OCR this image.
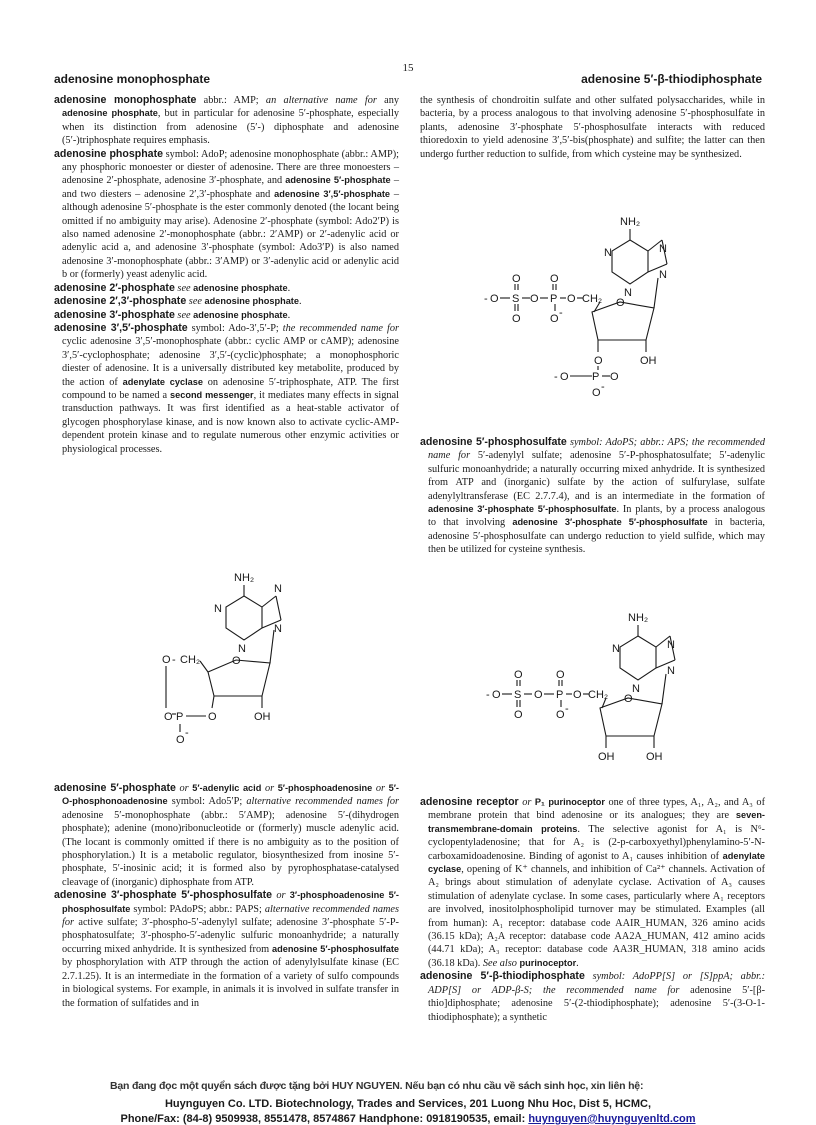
15
adenosine monophosphate	adenosine 5′-β-thiodiphosphate

adenosine monophosphate abbr.: AMP; an alternative name for any adenosine phosphate, but in particular for adenosine 5′-phosphate, especially when its distinction from adenosine (5′-) diphosphate and adenosine (5′-)triphosphate requires emphasis.

adenosine phosphate symbol: AdoP; adenosine monophosphate (abbr.: AMP); any phosphoric monoester or diester of adenosine. There are three monoesters – adenosine 2′-phosphate, adenosine 3′-phosphate, and adenosine 5′-phosphate – and two diesters – adenosine 2′,3′-phosphate and adenosine 3′,5′-phosphate – although adenosine 5′-phosphate is the ester commonly denoted (the locant being omitted if no ambiguity may arise). Adenosine 2′-phosphate (symbol: Ado2′P) is also named adenosine 2′-monophosphate (abbr.: 2′AMP) or 2′-adenylic acid or adenylic acid a, and adenosine 3′-phosphate (symbol: Ado3′P) is also named adenosine 3′-monophosphate (abbr.: 3′AMP) or 3′-adenylic acid or adenylic acid b or (formerly) yeast adenylic acid.

adenosine 2′-phosphate see adenosine phosphate.

adenosine 2′,3′-phosphate see adenosine phosphate.

adenosine 3′-phosphate see adenosine phosphate.

adenosine 3′,5′-phosphate symbol: Ado-3′,5′-P; the recommended name for cyclic adenosine 3′,5′-monophosphate (abbr.: cyclic AMP or cAMP); adenosine 3′,5′-cyclophosphate; adenosine 3′,5′-(cyclic)phosphate; a monophosphoric diester of adenosine. It is a universally distributed key metabolite, produced by the action of adenylate cyclase on adenosine 5′-triphosphate, ATP. The first compound to be named a second messenger, it mediates many effects in signal transduction pathways. It was first identified as a heat-stable activator of glycogen phosphorylase kinase, and is now known also to activate cyclic-AMP-dependent protein kinase and to regulate numerous other enzymic activities or physiological processes.

the synthesis of chondroitin sulfate and other sulfated polysaccharides, while in bacteria, by a process analogous to that involving adenosine 5′-phosphosulfate in plants, adenosine 3′-phosphate 5′-phosphosulfate interacts with reduced thioredoxin to yield adenosine 3′,5′-bis(phosphate) and sulfite; the latter can then undergo further reduction to sulfide, from which cysteine may be synthesized.

NH₂
N
N
N
N
O
O - CH₂
O P O	OH
O
-
NH₂
N
N
N
N
O
- O S
O
O
O P
O
O -
O CH₂
OH
O
- O P O
O -

adenosine 5′-phosphosulfate symbol: AdoPS; abbr.: APS; the recommended name for 5′-adenylyl sulfate; adenosine 5′-P-phosphatosulfate; 5′-adenylic sulfuric monoanhydride; a naturally occurring mixed anhydride. It is synthesized from ATP and (inorganic) sulfate by the action of sulfurylase, sulfate adenylyltransferase (EC 2.7.7.4), and is an intermediate in the formation of adenosine 3′-phosphate 5′-phosphosulfate. In plants, by a process analogous to that involving adenosine 3′-phosphate 5′-phosphosulfate in bacteria, adenosine 5′-phosphosulfate can undergo reduction to yield sulfide, which may then be utilized for cysteine synthesis.

NH₂
N
N
N
N
O
- O S
O
O
O P
O
O -
O CH₂
OH	OH

adenosine 5′-phosphate or 5′-adenylic acid or 5′-phosphoadenosine or 5′-O-phosphonoadenosine symbol: Ado5′P; alternative recommended names for adenosine 5′-monophosphate (abbr.: 5′AMP); adenosine 5′-(dihydrogen phosphate); adenine (mono)ribonucleotide or (formerly) muscle adenylic acid. (The locant is commonly omitted if there is no ambiguity as to the position of phosphorylation.) It is a metabolic regulator, biosynthesized from inosine 5′-phosphate, 5′-inosinic acid; it is formed also by pyrophosphatase-catalysed cleavage of (inorganic) diphosphate from ATP.

adenosine 3′-phosphate 5′-phosphosulfate or 3′-phosphoadenosine 5′-phosphosulfate symbol: PAdoPS; abbr.: PAPS; alternative recommended names for active sulfate; 3′-phospho-5′-adenylyl sulfate; adenosine 3′-phosphate 5′-P-phosphatosulfate; 3′-phospho-5′-adenylic sulfuric monoanhydride; a naturally occurring mixed anhydride. It is synthesized from adenosine 5′-phosphosulfate by phosphorylation with ATP through the action of adenylylsulfate kinase (EC 2.7.1.25). It is an intermediate in the formation of a variety of sulfo compounds in biological systems. For example, in animals it is involved in sulfate transfer in the formation of sulfatides and in

adenosine receptor or P₁ purinoceptor one of three types, A₁, A₂, and A₃ of membrane protein that bind adenosine or its analogues; they are seven-transmembrane-domain proteins. The selective agonist for A₁ is N⁶-cyclopentyladenosine; that for A₂ is (2-p-carboxyethyl)phenylamino-5′-N-carboxamidoadenosine. Binding of agonist to A₁ causes inhibition of adenylate cyclase, opening of K⁺ channels, and inhibition of Ca²⁺ channels. Activation of A₂ brings about stimulation of adenylate cyclase. Activation of A₃ causes stimulation of adenylate cyclase. In some cases, particularly where A₁ receptors are involved, inositolphospholipid turnover may be stimulated. Examples (all from human): A₁ receptor: database code AAIR_HUMAN, 326 amino acids (36.15 kDa); A₂A receptor: database code AA2A_HUMAN, 412 amino acids (44.71 kDa); A₃ receptor: database code AA3R_HUMAN, 318 amino acids (36.18 kDa). See also purinoceptor.

adenosine 5′-β-thiodiphosphate symbol: AdoPP[S] or [S]ppA; abbr.: ADP[S] or ADP-β-S; the recommended name for adenosine 5′-[β-thio]diphosphate; adenosine 5′-(2-thiodiphosphate); adenosine 5′-(3-O-1-thiodiphosphate); a synthetic

Bạn đang đọc một quyển sách được tặng bởi HUY NGUYEN. Nếu bạn có nhu cầu về sách sinh học, xin liên hệ:
Huynguyen Co. LTD. Biotechnology, Trades and Services, 201 Luong Nhu Hoc, Dist 5, HCMC,
Phone/Fax: (84-8) 9509938, 8551478, 8574867 Handphone: 0918190535, email: huynguyen@huynguyenltd.com
